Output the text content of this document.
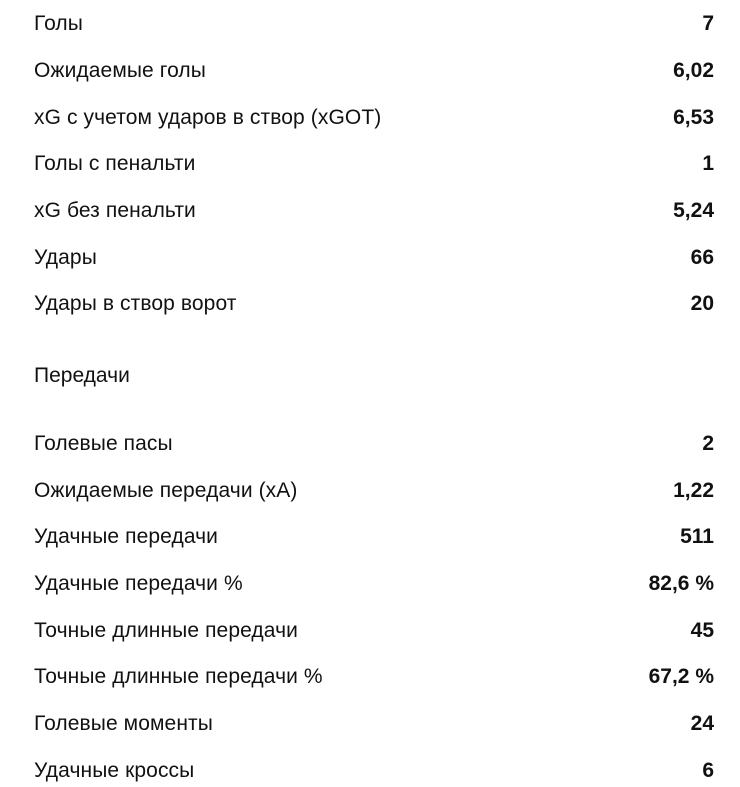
Голы	7
Ожидаемые голы	6,02
xG с учетом ударов в створ (xGOT)	6,53
Голы с пенальти	1
xG без пенальти	5,24
Удары	66
Удары в створ ворот	20
Передачи
Голевые пасы	2
Ожидаемые передачи (xA)	1,22
Удачные передачи	511
Удачные передачи %	82,6 %
Точные длинные передачи	45
Точные длинные передачи %	67,2 %
Голевые моменты	24
Удачные кроссы	6
